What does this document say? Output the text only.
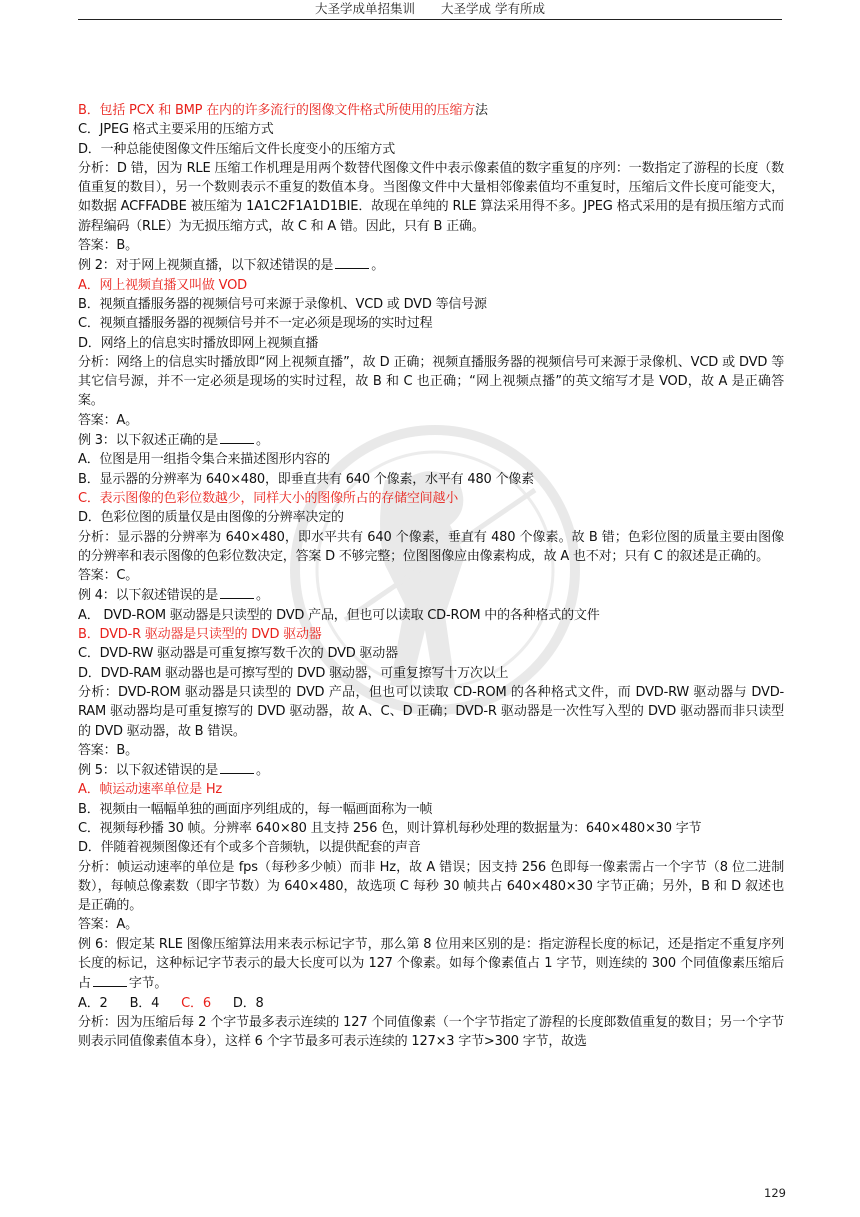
大圣学成单招集训 大圣学成 学有所成
B．包括 PCX 和 BMP 在内的许多流行的图像文件格式所使用的压缩方法
C．JPEG 格式主要采用的压缩方式
D．一种总能使图像文件压缩后文件长度变小的压缩方式
分析：D 错，因为 RLE 压缩工作机理是用两个数替代图像文件中表示像素值的数字重复的序列：一数指定了游程的长度（数值重复的数目），另一个数则表示不重复的数值本身。当图像文件中大量相邻像素值均不重复时，压缩后文件长度可能变大，如数据 ACFFADBE 被压缩为 1A1C2F1A1D1BIE．故现在单纯的 RLE 算法采用得不多。JPEG 格式采用的是有损压缩方式而游程编码（RLE）为无损压缩方式，故 C 和 A 错。因此，只有 B 正确。
答案：B。
例 2：对于网上视频直播，以下叙述错误的是	。
A．网上视频直播又叫做 VOD
B．视频直播服务器的视频信号可来源于录像机、VCD 或 DVD 等信号源
C．视频直播服务器的视频信号并不一定必须是现场的实时过程
D．网络上的信息实时播放即网上视频直播
分析：网络上的信息实时播放即“网上视频直播”，故 D 正确；视频直播服务器的视频信号可来源于录像机、VCD 或 DVD 等其它信号源，并不一定必须是现场的实时过程，故 B 和 C 也正确；“网上视频点播”的英文缩写才是 VOD，故 A 是正确答案。
答案：A。
例 3：以下叙述正确的是	。
A．位图是用一组指令集合来描述图形内容的
B．显示器的分辨率为 640×480，即垂直共有 640 个像素，水平有 480 个像素
C．表示图像的色彩位数越少，同样大小的图像所占的存储空间越小
D．色彩位图的质量仅是由图像的分辨率决定的
分析：显示器的分辨率为 640×480，即水平共有 640 个像素，垂直有 480 个像素。故 B 错；色彩位图的质量主要由图像的分辨率和表示图像的色彩位数决定，答案 D 不够完整；位图图像应由像素构成，故 A 也不对；只有 C 的叙述是正确的。
答案：C。
例 4：以下叙述错误的是	。
A． DVD-ROM 驱动器是只读型的 DVD 产品，但也可以读取 CD-ROM 中的各种格式的文件
B．DVD-R 驱动器是只读型的 DVD 驱动器
C．DVD-RW 驱动器是可重复擦写数千次的 DVD 驱动器
D．DVD-RAM 驱动器也是可擦写型的 DVD 驱动器，可重复擦写十万次以上
分析：DVD-ROM 驱动器是只读型的 DVD 产品，但也可以读取 CD-ROM 的各种格式文件，而 DVD-RW 驱动器与 DVD-RAM 驱动器均是可重复擦写的 DVD 驱动器，故 A、C、D 正确；DVD-R 驱动器是一次性写入型的 DVD 驱动器而非只读型的 DVD 驱动器，故 B 错误。
答案：B。
例 5：以下叙述错误的是	。
A．帧运动速率单位是 Hz
B．视频由一幅幅单独的画面序列组成的，每一幅画面称为一帧
C．视频每秒播 30 帧。分辨率 640×80 且支持 256 色，则计算机每秒处理的数据量为：640×480×30 字节
D．伴随着视频图像还有个或多个音频轨，以提供配套的声音
分析：帧运动速率的单位是 fps（每秒多少帧）而非 Hz，故 A 错误；因支持 256 色即每一像素需占一个字节（8 位二进制数），每帧总像素数（即字节数）为 640×480，故选项 C 每秒 30 帧共占 640×480×30 字节正确；另外，B 和 D 叙述也是正确的。
答案：A。
例 6：假定某 RLE 图像压缩算法用来表示标记字节，那么第 8 位用来区别的是：指定游程长度的标记，还是指定不重复序列长度的标记，这种标记字节表示的最大长度可以为 127 个像素。如每个像素值占 1 字节，则连续的 300 个同值像素压缩后占	字节。
A．2 B．4 C．6 D．8
分析：因为压缩后每 2 个字节最多表示连续的 127 个同值像素（一个字节指定了游程的长度郎数值重复的数目；另一个字节则表示同值像素值本身），这样 6 个字节最多可表示连续的 127×3 字节>300 字节，故选
129
